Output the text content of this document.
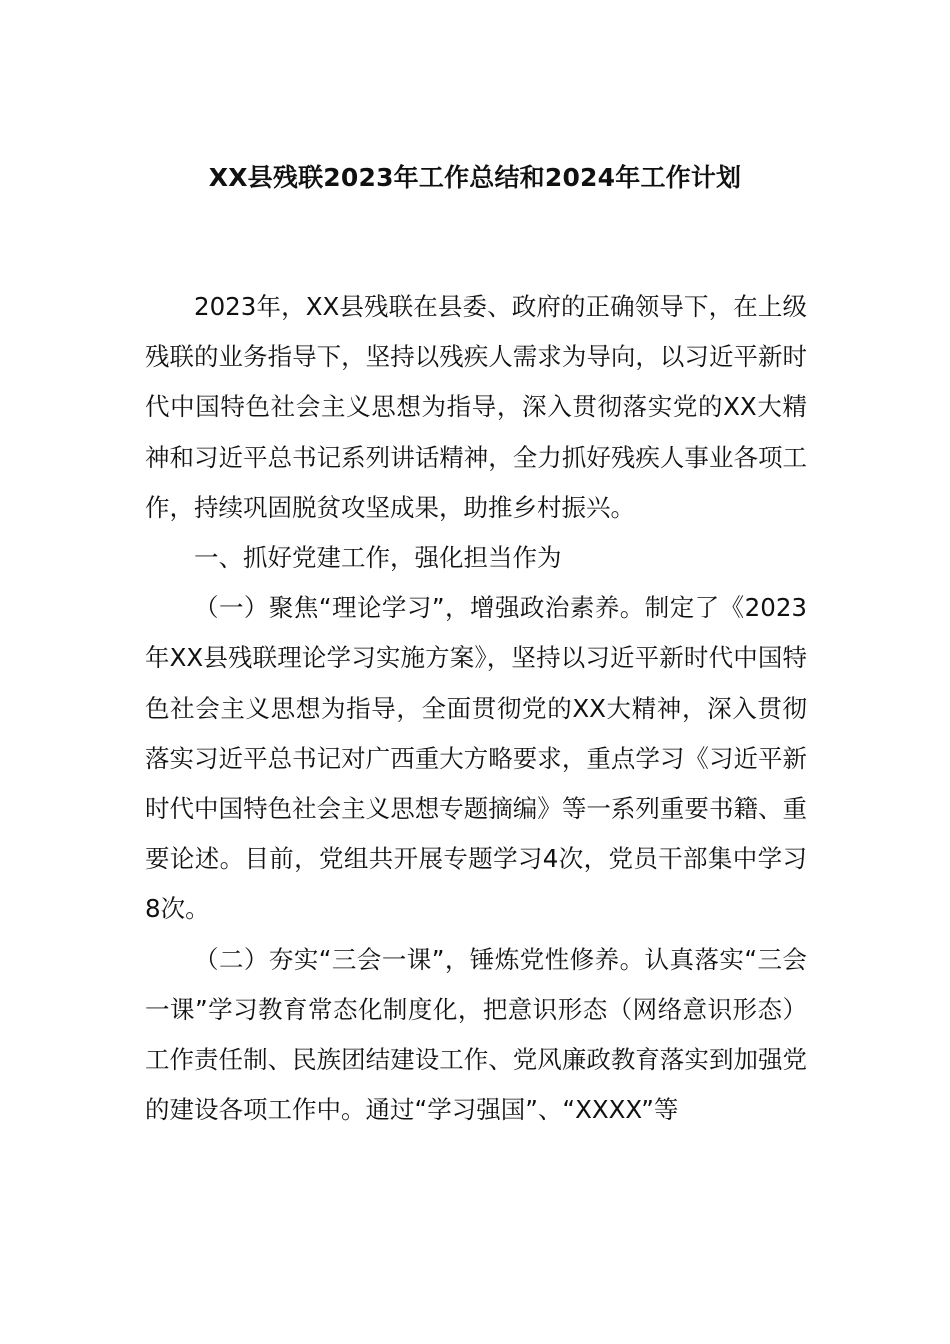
XX县残联2023年工作总结和2024年工作计划

2023年，XX县残联在县委、政府的正确领导下，在上级残联的业务指导下，坚持以残疾人需求为导向，以习近平新时代中国特色社会主义思想为指导，深入贯彻落实党的XX大精神和习近平总书记系列讲话精神，全力抓好残疾人事业各项工作，持续巩固脱贫攻坚成果，助推乡村振兴。

一、抓好党建工作，强化担当作为

（一）聚焦“理论学习”，增强政治素养。制定了《2023年XX县残联理论学习实施方案》，坚持以习近平新时代中国特色社会主义思想为指导，全面贯彻党的XX大精神，深入贯彻落实习近平总书记对广西重大方略要求，重点学习《习近平新时代中国特色社会主义思想专题摘编》等一系列重要书籍、重要论述。目前，党组共开展专题学习4次，党员干部集中学习8次。

（二）夯实“三会一课”，锤炼党性修养。认真落实“三会一课”学习教育常态化制度化，把意识形态（网络意识形态）工作责任制、民族团结建设工作、党风廉政教育落实到加强党的建设各项工作中。通过“学习强国”、“XXXX”等
